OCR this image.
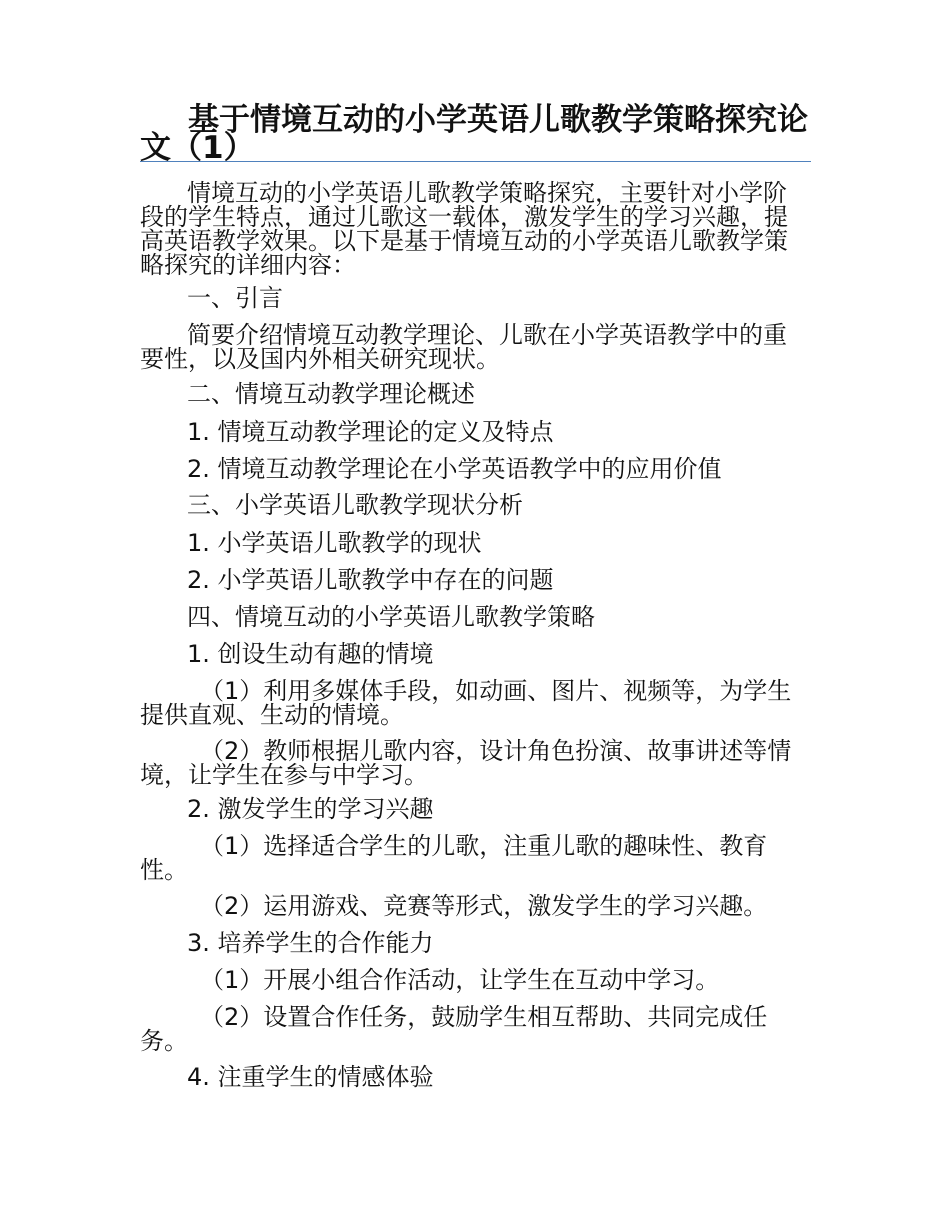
基于情境互动的小学英语儿歌教学策略探究论文（1）
情境互动的小学英语儿歌教学策略探究，主要针对小学阶段的学生特点，通过儿歌这一载体，激发学生的学习兴趣，提高英语教学效果。以下是基于情境互动的小学英语儿歌教学策略探究的详细内容：
一、引言
简要介绍情境互动教学理论、儿歌在小学英语教学中的重要性，以及国内外相关研究现状。
二、情境互动教学理论概述
1. 情境互动教学理论的定义及特点
2. 情境互动教学理论在小学英语教学中的应用价值
三、小学英语儿歌教学现状分析
1. 小学英语儿歌教学的现状
2. 小学英语儿歌教学中存在的问题
四、情境互动的小学英语儿歌教学策略
1. 创设生动有趣的情境
（1）利用多媒体手段，如动画、图片、视频等，为学生提供直观、生动的情境。
（2）教师根据儿歌内容，设计角色扮演、故事讲述等情境，让学生在参与中学习。
2. 激发学生的学习兴趣
（1）选择适合学生的儿歌，注重儿歌的趣味性、教育性。
（2）运用游戏、竞赛等形式，激发学生的学习兴趣。
3. 培养学生的合作能力
（1）开展小组合作活动，让学生在互动中学习。
（2）设置合作任务，鼓励学生相互帮助、共同完成任务。
4. 注重学生的情感体验
